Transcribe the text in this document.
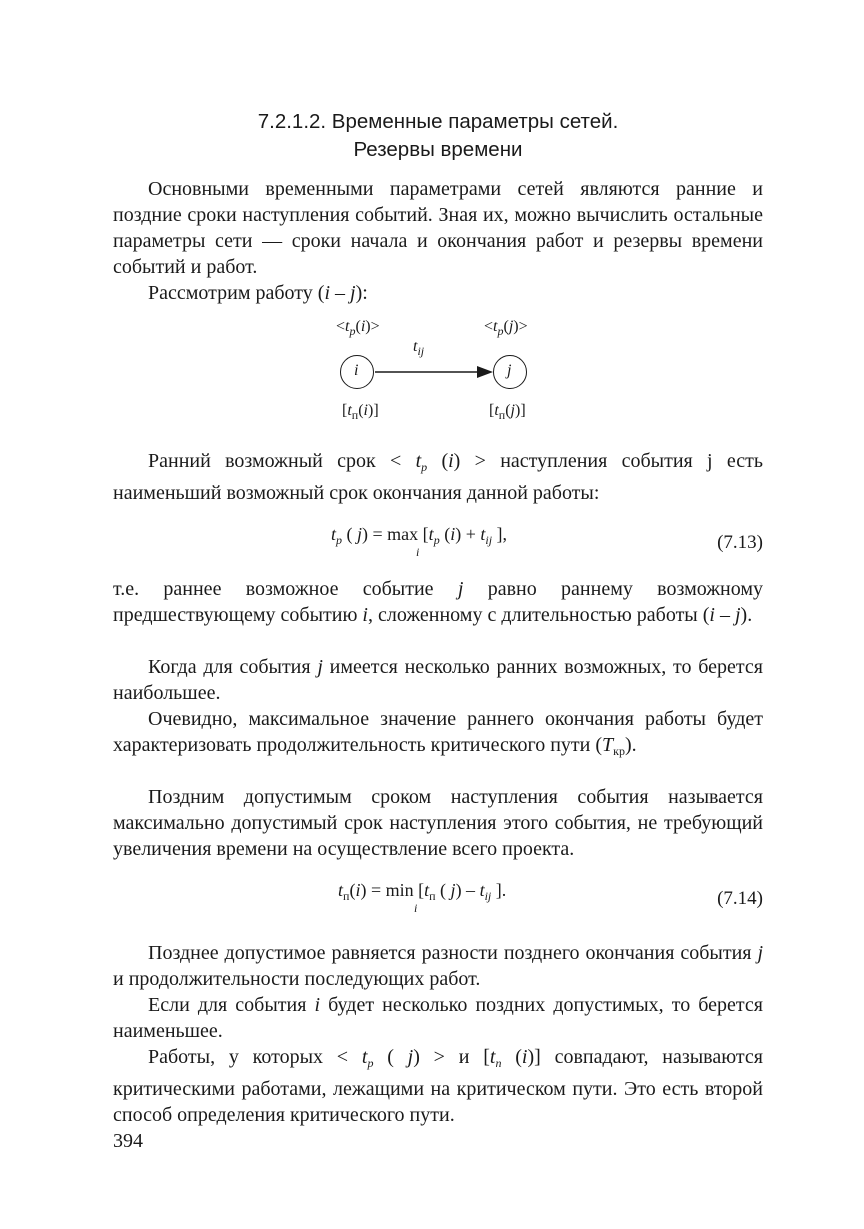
7.2.1.2. Временные параметры сетей.
Резервы времени

Основными временными параметрами сетей являются ранние и поздние сроки наступления событий. Зная их, можно вычислить остальные параметры сети — сроки начала и окончания работ и резервы времени событий и работ.

Рассмотрим работу (i – j):

$<t_р(i)>$	$<t_р(j)>$
$t_{ij}$
i	j
$[t_п(i)]$	$[t_п(j)]$

Ранний возможный срок < $t_р$ (i) > наступления события j есть наименьший возможный срок окончания данной работы:

$t_р$ ( $j) = \max [t_р$ $(i) + t_{ij}$ ],
i	(7.13)

т.е. раннее возможное событие j равно раннему возможному предшествующему событию i, сложенному с длительностью работы (i – j).

Когда для события j имеется несколько ранних возможных, то берется наибольшее.

Очевидно, максимальное значение раннего окончания работы будет характеризовать продолжительность критического пути $(T_{кр})$.

Поздним допустимым сроком наступления события называется максимально допустимый срок наступления этого события, не требующий увеличения времени на осуществление всего проекта.

$t_п(i) = \min [t_п$ ( $j) - t_{ij}$ ].
i	(7.14)

Позднее допустимое равняется разности позднего окончания события j и продолжительности последующих работ.

Если для события i будет несколько поздних допустимых, то берется наименьшее.

Работы, у которых < $t_р$ ( j) > и [$t_п$ (i)] совпадают, называются критическими работами, лежащими на критическом пути. Это есть второй способ определения критического пути.

394
